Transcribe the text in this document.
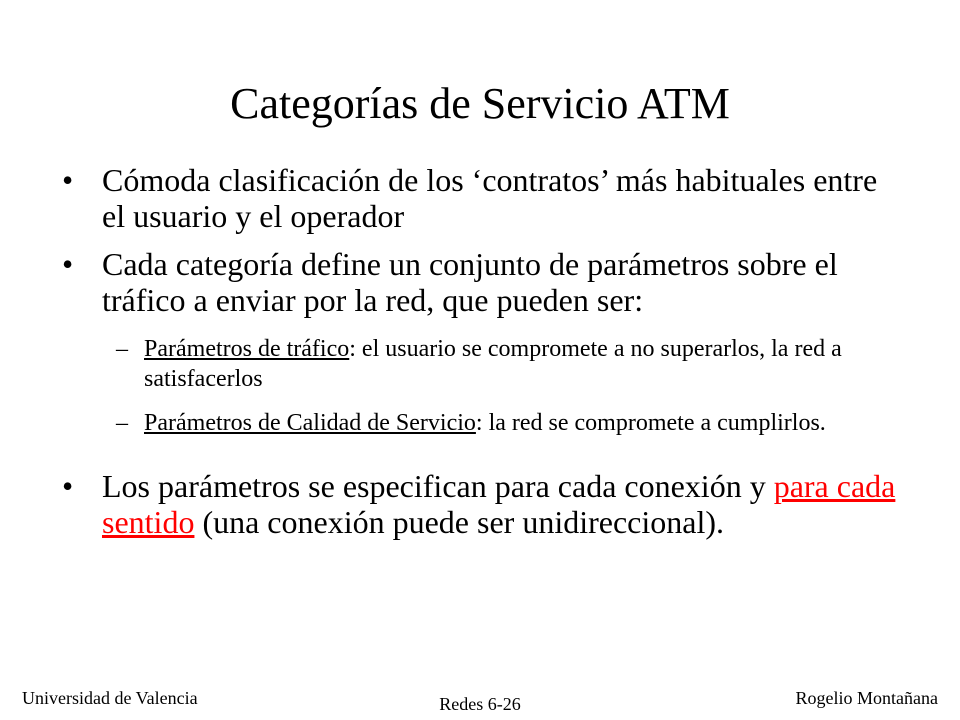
Categorías de Servicio ATM
• Cómoda clasificación de los ‘contratos’ más habituales entre el usuario y el operador
• Cada categoría define un conjunto de parámetros sobre el tráfico a enviar por la red, que pueden ser:
– Parámetros de tráfico: el usuario se compromete a no superarlos, la red a satisfacerlos
– Parámetros de Calidad de Servicio: la red se compromete a cumplirlos.
• Los parámetros se especifican para cada conexión y para cada sentido (una conexión puede ser unidireccional).
Universidad de Valencia	Redes 6-26	Rogelio Montañana
